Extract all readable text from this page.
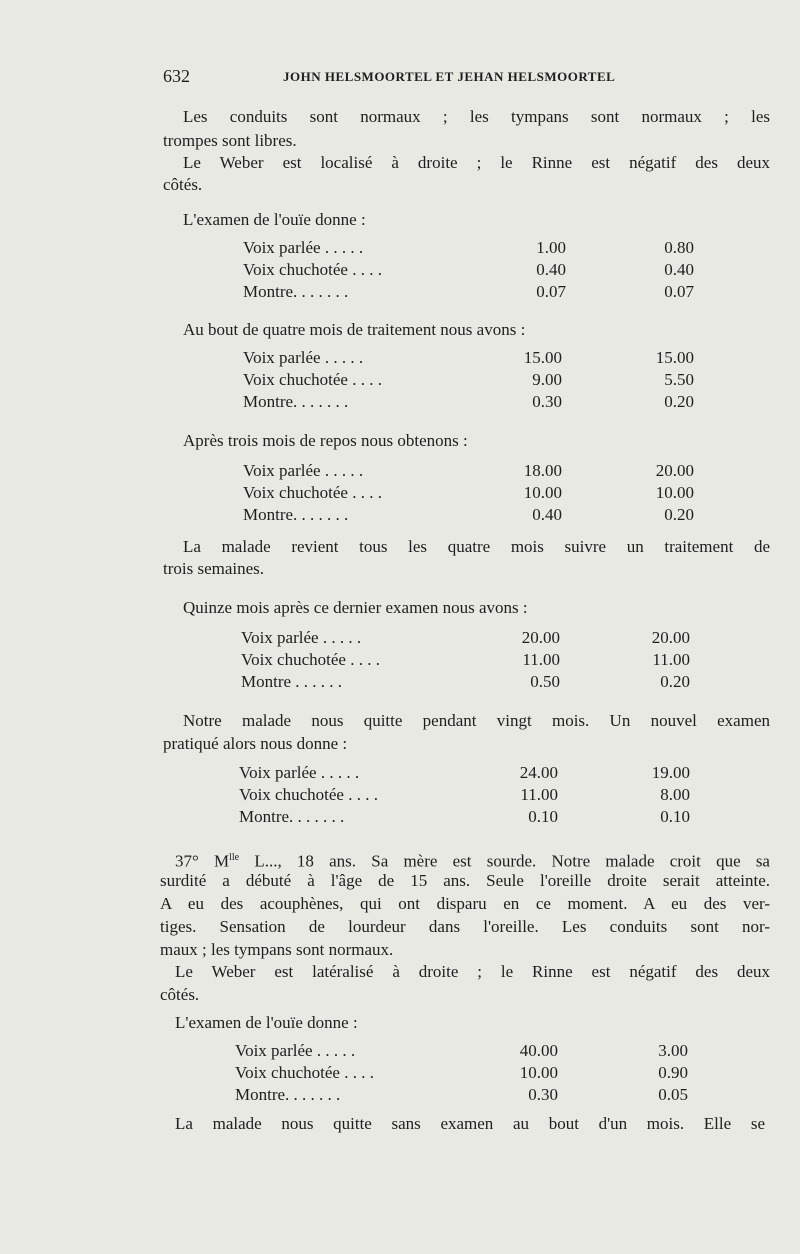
632	JOHN HELSMOORTEL ET JEHAN HELSMOORTEL
Les conduits sont normaux ; les tympans sont normaux ; les
trompes sont libres.
Le Weber est localisé à droite ; le Rinne est négatif des deux
côtés.
L'examen de l'ouïe donne :
Voix parlée . . . . .	1.00	0.80
Voix chuchotée . . . .	0.40	0.40
Montre. . . . . . .	0.07	0.07
Au bout de quatre mois de traitement nous avons :
Voix parlée . . . . .	15.00	15.00
Voix chuchotée . . . .	9.00	5.50
Montre. . . . . . .	0.30	0.20
Après trois mois de repos nous obtenons :
Voix parlée . . . . .	18.00	20.00
Voix chuchotée . . . .	10.00	10.00
Montre. . . . . . .	0.40	0.20
La malade revient tous les quatre mois suivre un traitement de
trois semaines.
Quinze mois après ce dernier examen nous avons :
Voix parlée . . . . .	20.00	20.00
Voix chuchotée . . . .	11.00	11.00
Montre . . . . . .	0.50	0.20
Notre malade nous quitte pendant vingt mois. Un nouvel examen
pratiqué alors nous donne :
Voix parlée . . . . .	24.00	19.00
Voix chuchotée . . . .	11.00	8.00
Montre. . . . . . .	0.10	0.10
37° $M^{lle}$ L..., 18 ans. Sa mère est sourde. Notre malade croit que sa
surdité a débuté à l'âge de 15 ans. Seule l'oreille droite serait atteinte.
A eu des acouphènes, qui ont disparu en ce moment. A eu des ver-
tiges. Sensation de lourdeur dans l'oreille. Les conduits sont nor-
maux ; les tympans sont normaux.
Le Weber est latéralisé à droite ; le Rinne est négatif des deux
côtés.
L'examen de l'ouïe donne :
Voix parlée . . . . .	40.00	3.00
Voix chuchotée . . . .	10.00	0.90
Montre. . . . . . .	0.30	0.05
La malade nous quitte sans examen au bout d'un mois. Elle se
